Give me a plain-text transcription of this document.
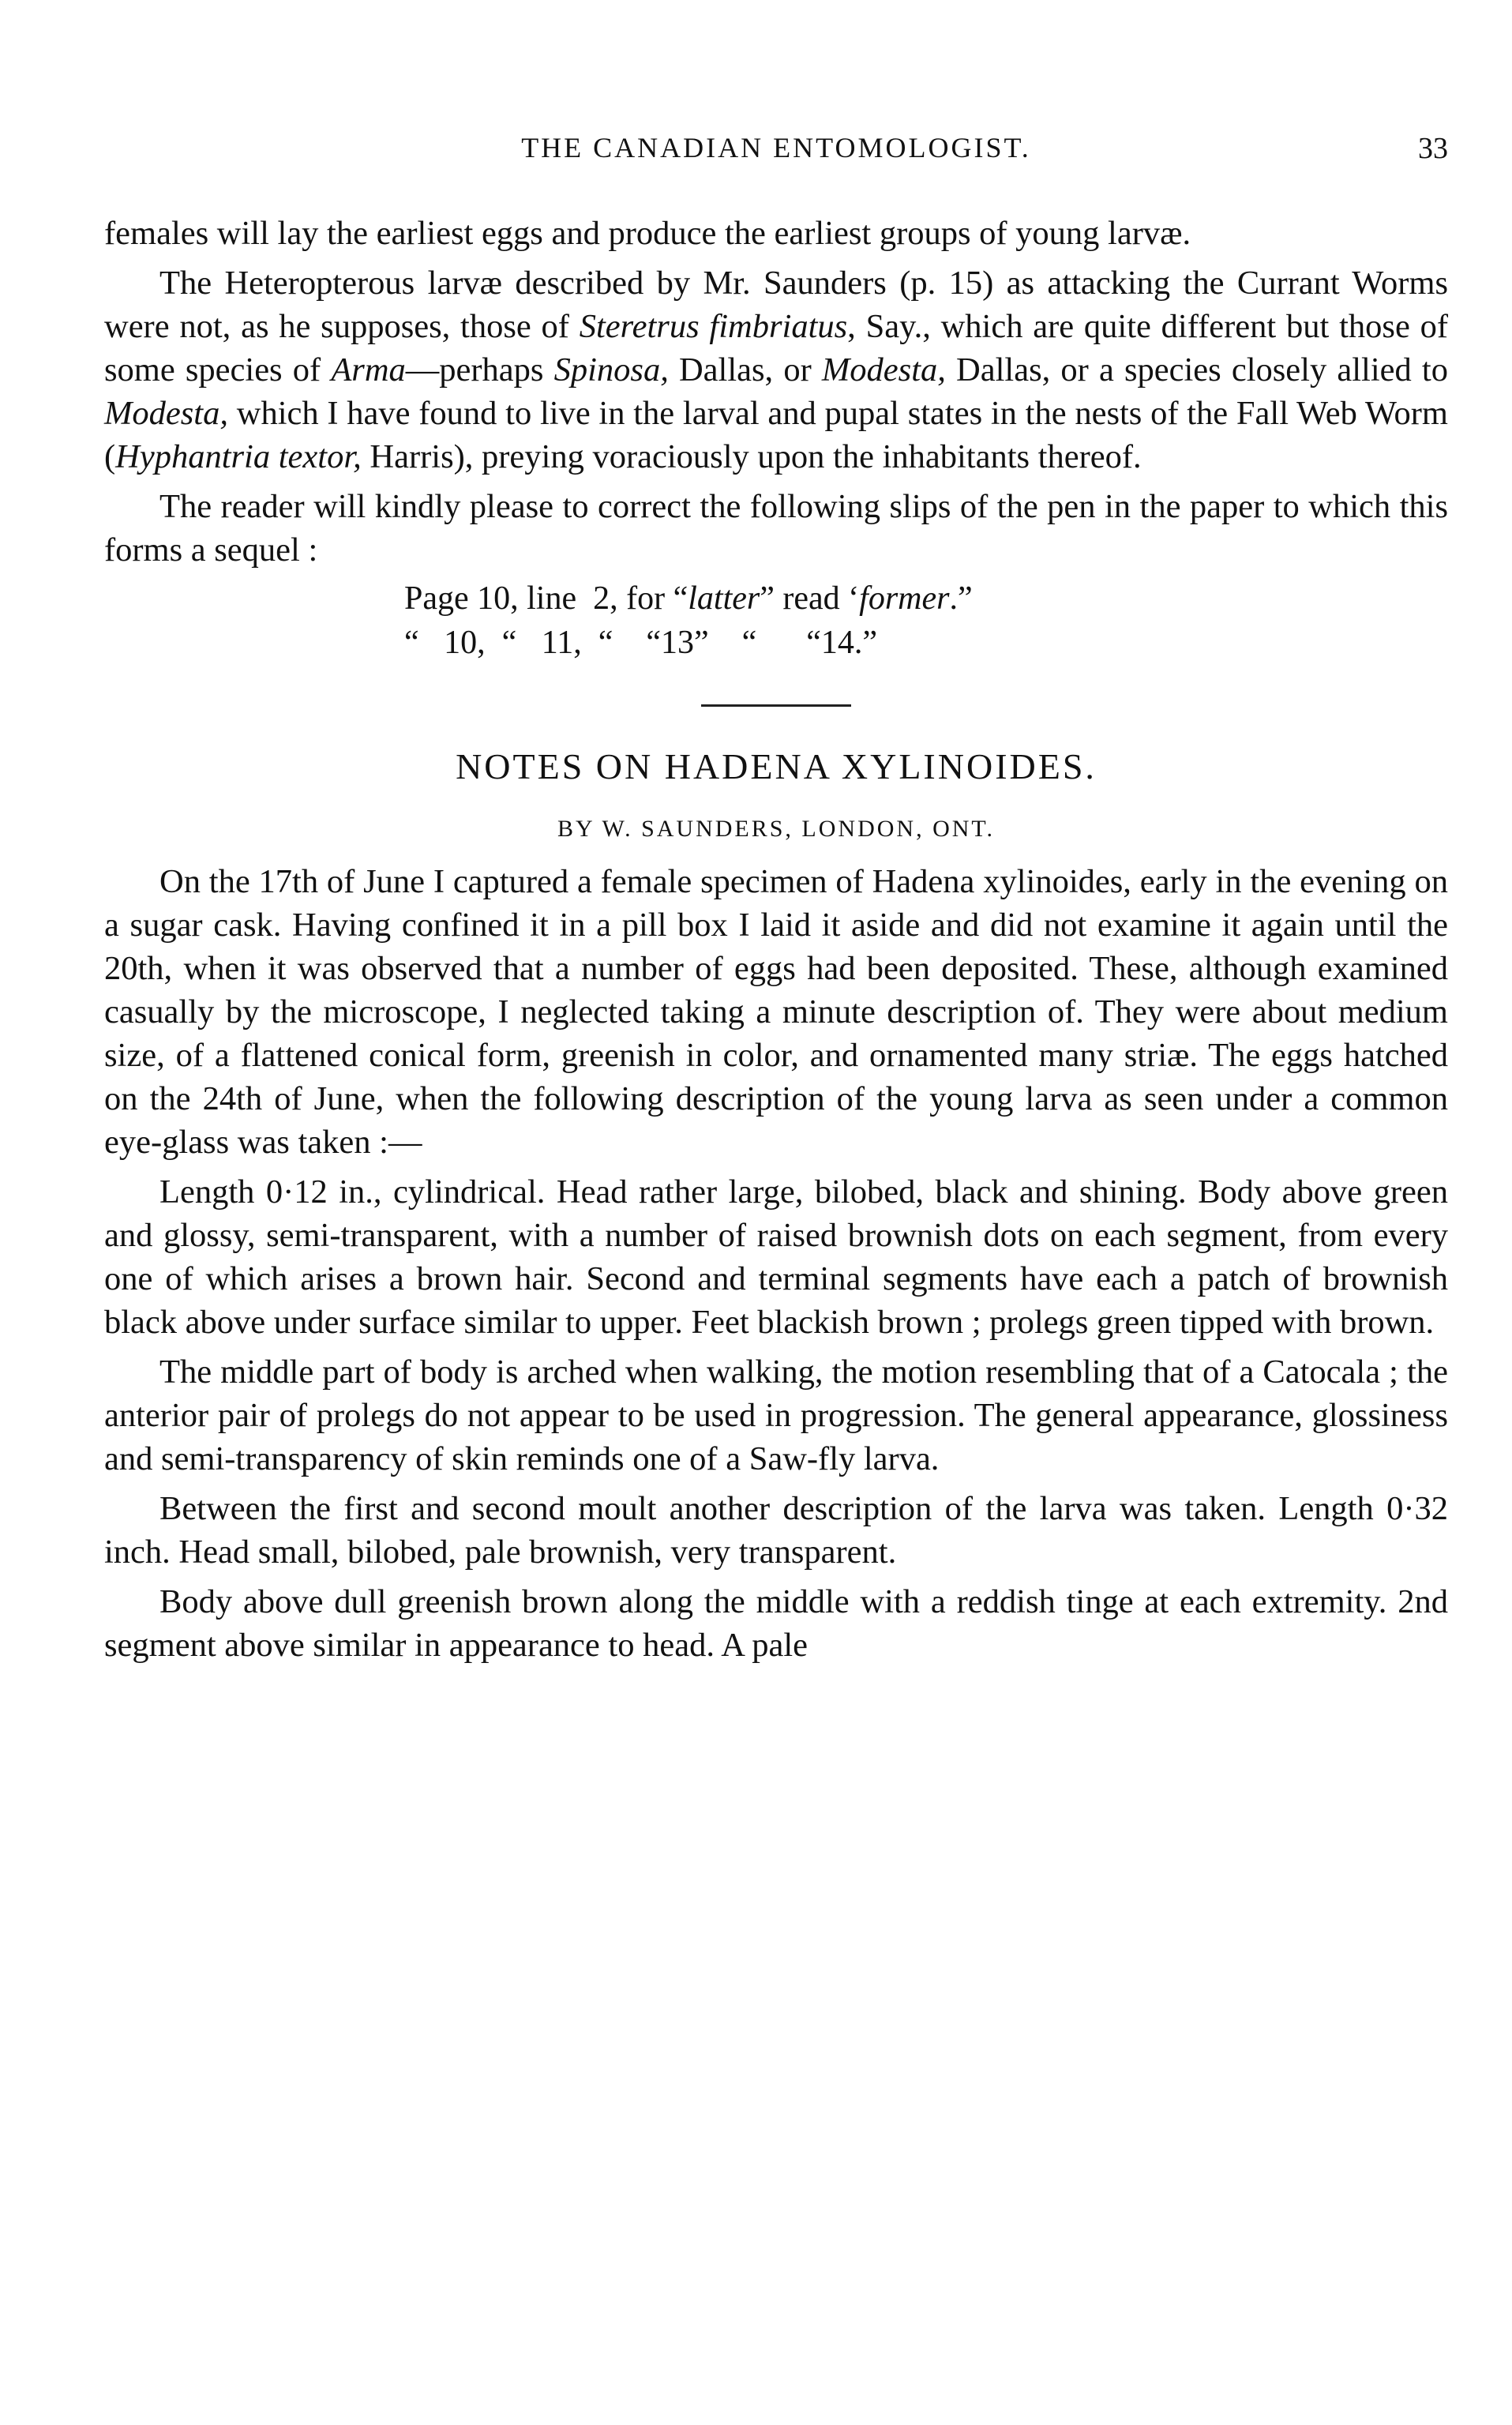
THE CANADIAN ENTOMOLOGIST.	33

females will lay the earliest eggs and produce the earliest groups of young larvæ.

The Heteropterous larvæ described by Mr. Saunders (p. 15) as attacking the Currant Worms were not, as he supposes, those of Steretrus fimbriatus, Say., which are quite different but those of some species of Arma—perhaps Spinosa, Dallas, or Modesta, Dallas, or a species closely allied to Modesta, which I have found to live in the larval and pupal states in the nests of the Fall Web Worm (Hyphantria textor, Harris), preying voraciously upon the inhabitants thereof.

The reader will kindly please to correct the following slips of the pen in the paper to which this forms a sequel :

Page 10, line  2, for “latter” read ‘former.”
“   10,  “   11,  “    “13”    “      “14.”

NOTES ON HADENA XYLINOIDES.

BY W. SAUNDERS, LONDON, ONT.

On the 17th of June I captured a female specimen of Hadena xylinoides, early in the evening on a sugar cask. Having confined it in a pill box I laid it aside and did not examine it again until the 20th, when it was observed that a number of eggs had been deposited. These, although examined casually by the microscope, I neglected taking a minute description of. They were about medium size, of a flattened conical form, greenish in color, and ornamented many striæ. The eggs hatched on the 24th of June, when the following description of the young larva as seen under a common eye-glass was taken :—

Length 0·12 in., cylindrical. Head rather large, bilobed, black and shining. Body above green and glossy, semi-transparent, with a number of raised brownish dots on each segment, from every one of which arises a brown hair. Second and terminal segments have each a patch of brownish black above under surface similar to upper. Feet blackish brown ; prolegs green tipped with brown.

The middle part of body is arched when walking, the motion resembling that of a Catocala ; the anterior pair of prolegs do not appear to be used in progression. The general appearance, glossiness and semi-transparency of skin reminds one of a Saw-fly larva.

Between the first and second moult another description of the larva was taken. Length 0·32 inch. Head small, bilobed, pale brownish, very transparent.

Body above dull greenish brown along the middle with a reddish tinge at each extremity. 2nd segment above similar in appearance to head. A pale
